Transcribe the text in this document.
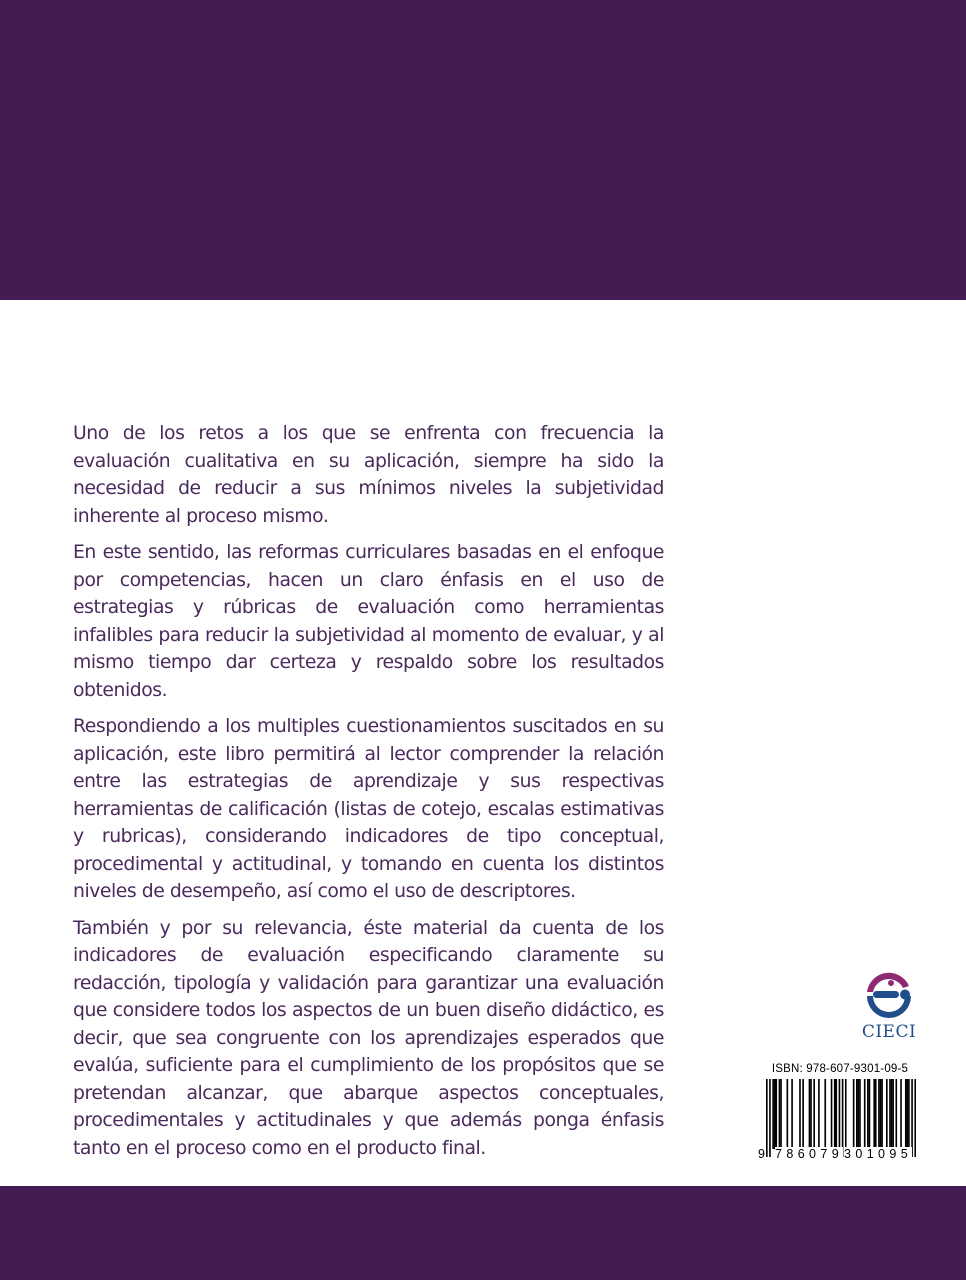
Uno de los retos a los que se enfrenta con frecuencia la evaluación cualitativa en su aplicación, siempre ha sido la necesidad de reducir a sus mínimos niveles la subjetividad inherente al proceso mismo.

En este sentido, las reformas curriculares basadas en el enfoque por competencias, hacen un claro énfasis en el uso de estrategias y rúbricas de evaluación como herramientas infalibles para reducir la subjetividad al momento de evaluar, y al mismo tiempo dar certeza y respaldo sobre los resultados obtenidos.

Respondiendo a los multiples cuestionamientos suscitados en su aplicación, este libro permitirá al lector comprender la relación entre las estrategias de aprendizaje y sus respectivas herramientas de calificación (listas de cotejo, escalas estimativas y rubricas), considerando indicadores de tipo conceptual, procedimental y actitudinal, y tomando en cuenta los distintos niveles de desempeño, así como el uso de descriptores.

También y por su relevancia, éste material da cuenta de los indicadores de evaluación especificando claramente su redacción, tipología y validación para garantizar una evaluación que considere todos los aspectos de un buen diseño didáctico, es decir, que sea congruente con los aprendizajes esperados que evalúa, suficiente para el cumplimiento de los propósitos que se pretendan alcanzar, que abarque aspectos conceptuales, procedimentales y actitudinales y que además ponga énfasis tanto en el proceso como en el producto final.

CIECI
ISBN: 978-607-9301-09-5
9 786079 301095
